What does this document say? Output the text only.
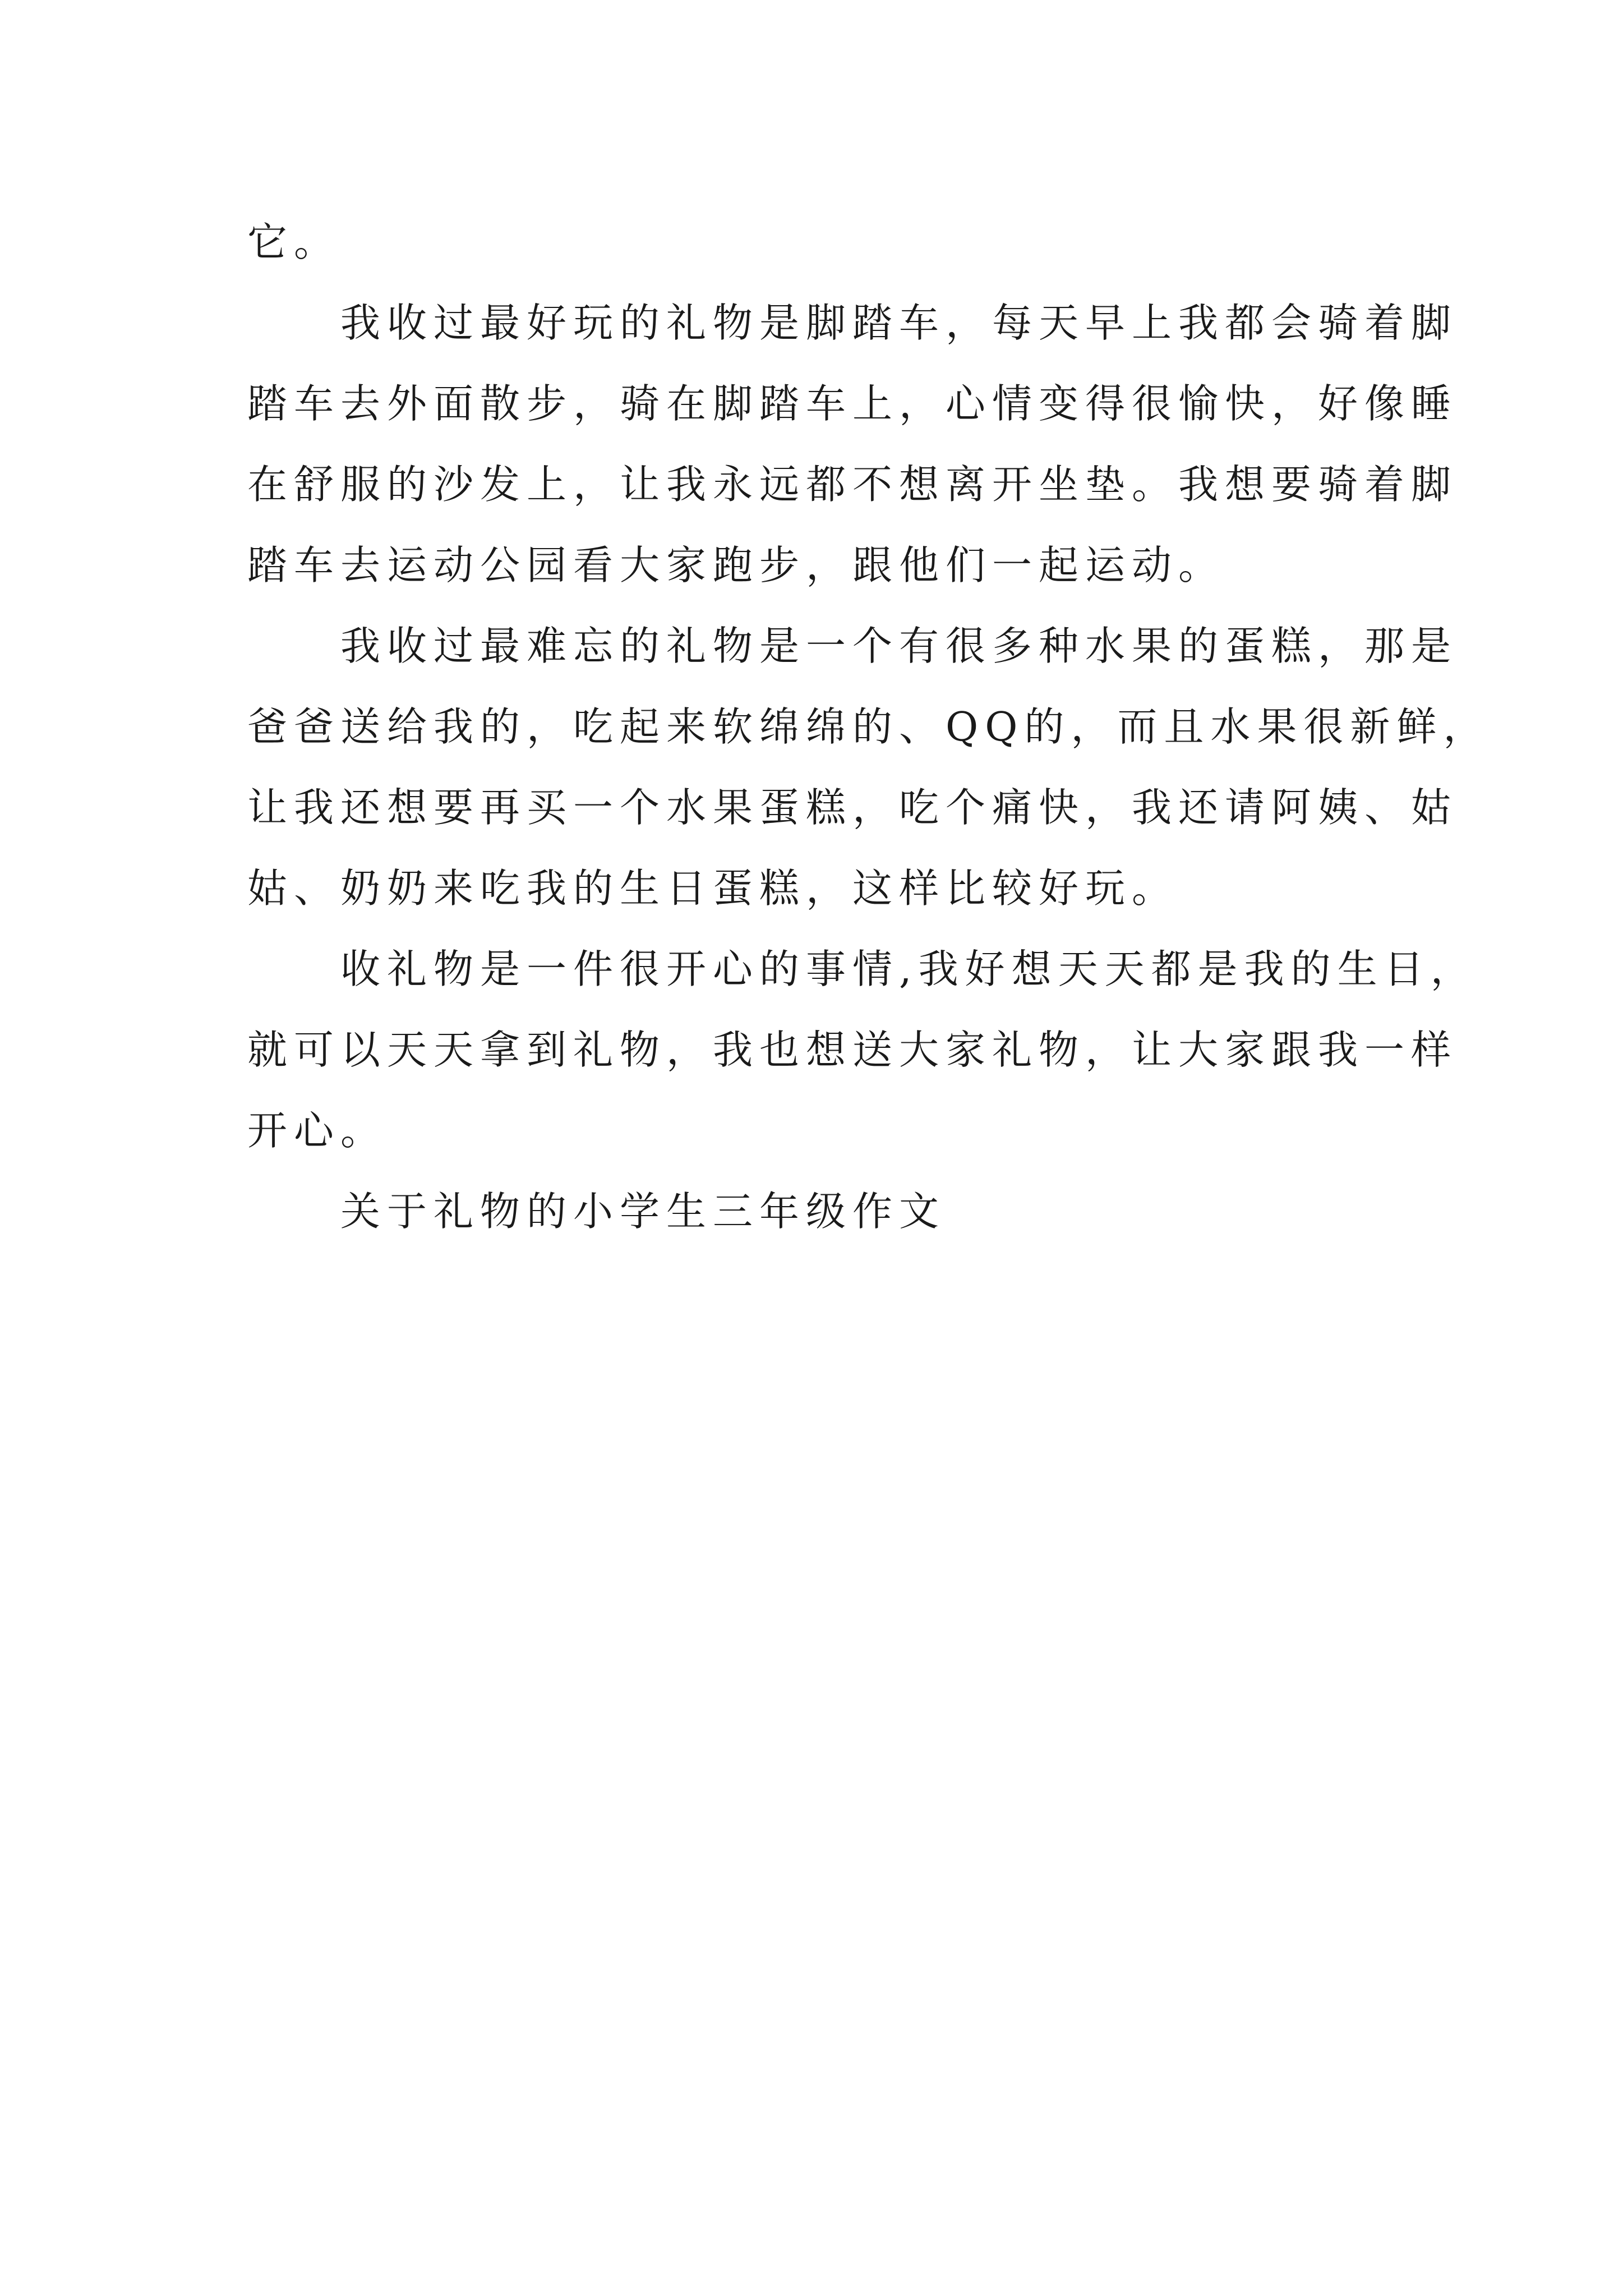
它。
我收过最好玩的礼物是脚踏车，每天早上我都会骑着脚
踏车去外面散步，骑在脚踏车上，心情变得很愉快，好像睡
在舒服的沙发上，让我永远都不想离开坐垫。我想要骑着脚
踏车去运动公园看大家跑步，跟他们一起运动。
我收过最难忘的礼物是一个有很多种水果的蛋糕，那是
爸爸送给我的，吃起来软绵绵的、QQ的，而且水果很新鲜，
让我还想要再买一个水果蛋糕，吃个痛快，我还请阿姨、姑
姑、奶奶来吃我的生日蛋糕，这样比较好玩。
收礼物是一件很开心的事情,我好想天天都是我的生日，
就可以天天拿到礼物，我也想送大家礼物，让大家跟我一样
开心。
关于礼物的小学生三年级作文
